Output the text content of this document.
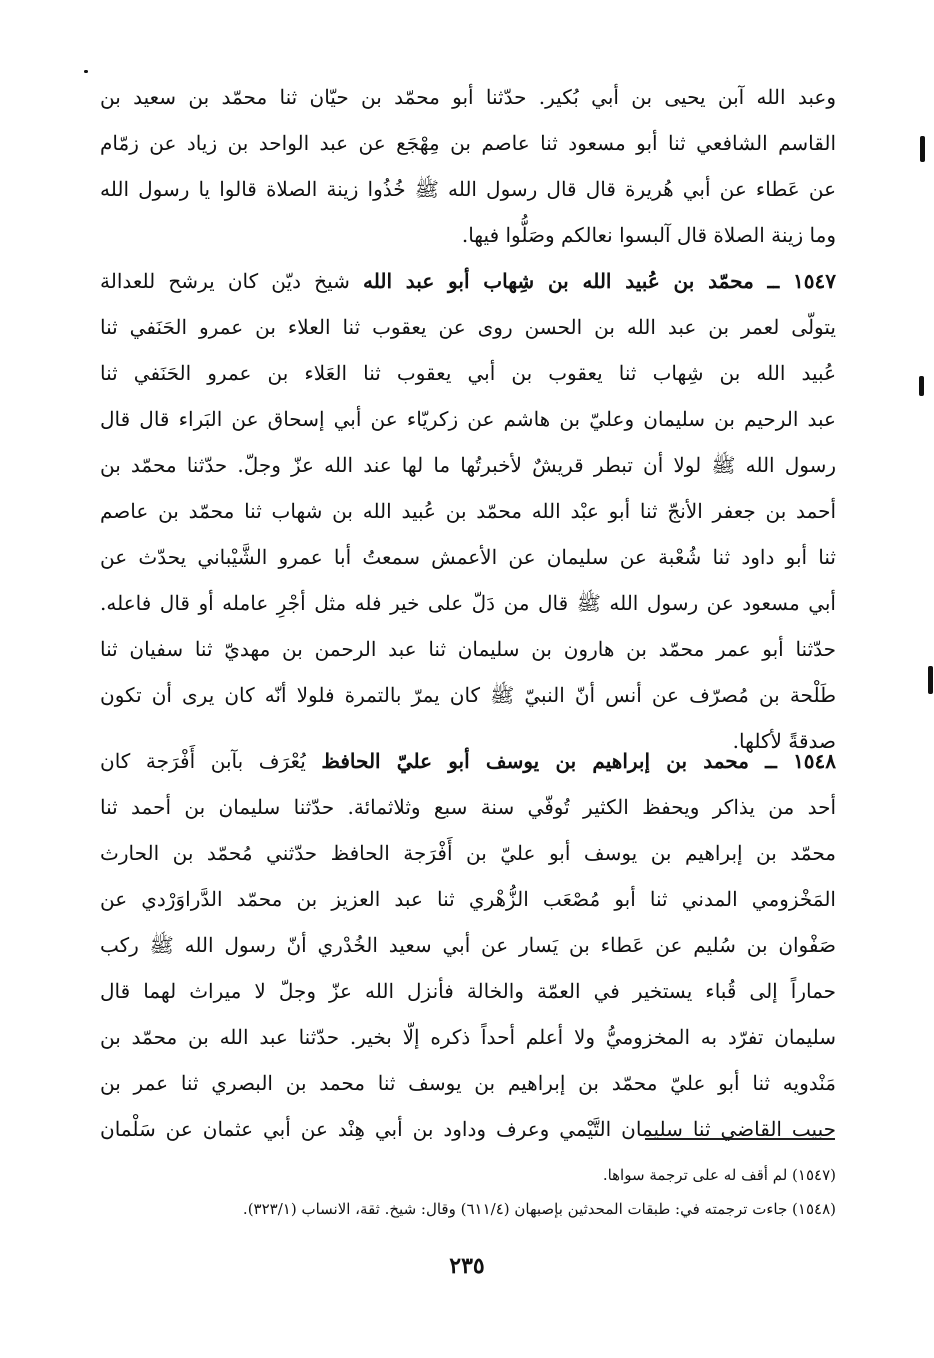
وعبد الله آبن يحيى بن أبي بُكير. حدّثنا أبو محمّد بن حيّان ثنا محمّد بن سعيد بن
القاسم الشافعي ثنا أبو مسعود ثنا عاصم بن مِهْجَع عن عبد الواحد بن زياد عن زمّام
عن عَطاء عن أبي هُريرة قال قال رسول الله ﷺ خُذُوا زينة الصلاة قالوا يا رسول الله
وما زينة الصلاة قال آلبسوا نعالكم وصَلُّوا فيها.
١٥٤٧ ــ محمّد بن عُبيد الله بن شِهاب أبو عبد الله شيخ ديّن كان يرشح للعدالة
يتولّى لعمر بن عبد الله بن الحسن روى عن يعقوب ثنا العلاء بن عمرو الحَنَفي ثنا
عُبيد الله بن شِهاب ثنا يعقوب بن أبي يعقوب ثنا العَلاء بن عمرو الحَنَفي ثنا
عبد الرحيم بن سليمان وعليّ بن هاشم عن زكريّاء عن أبي إسحاق عن البَراء قال قال
رسول الله ﷺ لولا أن تبطر قريشٌ لأخبرتُها ما لها عند الله عزّ وجلّ. حدّثنا محمّد بن
أحمد بن جعفر الأنجّ ثنا أبو عبْد الله محمّد بن عُبيد الله بن شهاب ثنا محمّد بن عاصم
ثنا أبو داود ثنا شُعْبة عن سليمان عن الأعمش سمعتُ أبا عمرو الشَّيْباني يحدّث عن
أبي مسعود عن رسول الله ﷺ قال من دَلّ على خير فله مثل أجْرِ عامله أو قال فاعله.
حدّثنا أبو عمر محمّد بن هارون بن سليمان ثنا عبد الرحمن بن مهديّ ثنا سفيان ثنا
طَلْحة بن مُصرّف عن أنس أنّ النبيّ ﷺ كان يمرّ بالتمرة فلولا أنّه كان يرى أن تكون
صدقةً لأكلها.
١٥٤٨ ــ محمد بن إبراهيم بن يوسف أبو عليّ الحافظ يُعْرَف بآبن أَفْرَجة كان
أحد من يذاكر ويحفظ الكثير تُوفّي سنة سبع وثلاثمائة. حدّثنا سليمان بن أحمد ثنا
محمّد بن إبراهيم بن يوسف أبو عليّ بن أَفْرَجة الحافظ حدّثني مُحمّد بن الحارث
المَخْزومي المدني ثنا أبو مُصْعَب الزُّهْري ثنا عبد العزيز بن محمّد الدَّراوَرْدي عن
صَفْوان بن سُليم عن عَطاء بن يَسار عن أبي سعيد الخُدْري أنّ رسول الله ﷺ ركب
حماراً إلى قُباء يستخير في العمّة والخالة فأنزل الله عزّ وجلّ لا ميراث لهما قال
سليمان تفرّد به المخزوميُّ ولا أعلم أحداً ذكره إلّا بخير. حدّثنا عبد الله بن محمّد بن
مَنْدويه ثنا أبو عليّ محمّد بن إبراهيم بن يوسف ثنا محمد بن البصري ثنا عمر بن
حبيب القاضي ثنا سليمان التَّيْمي وعرف وداود بن أبي هِنْد عن أبي عثمان عن سَلْمان
(١٥٤٧) لم أقف له على ترجمة سواها.
(١٥٤٨) جاءت ترجمته في: طبقات المحدثين بإصبهان (٦١١/٤) وقال: شيخ. ثقة، الانساب (٣٢٣/١).
٢٣٥
